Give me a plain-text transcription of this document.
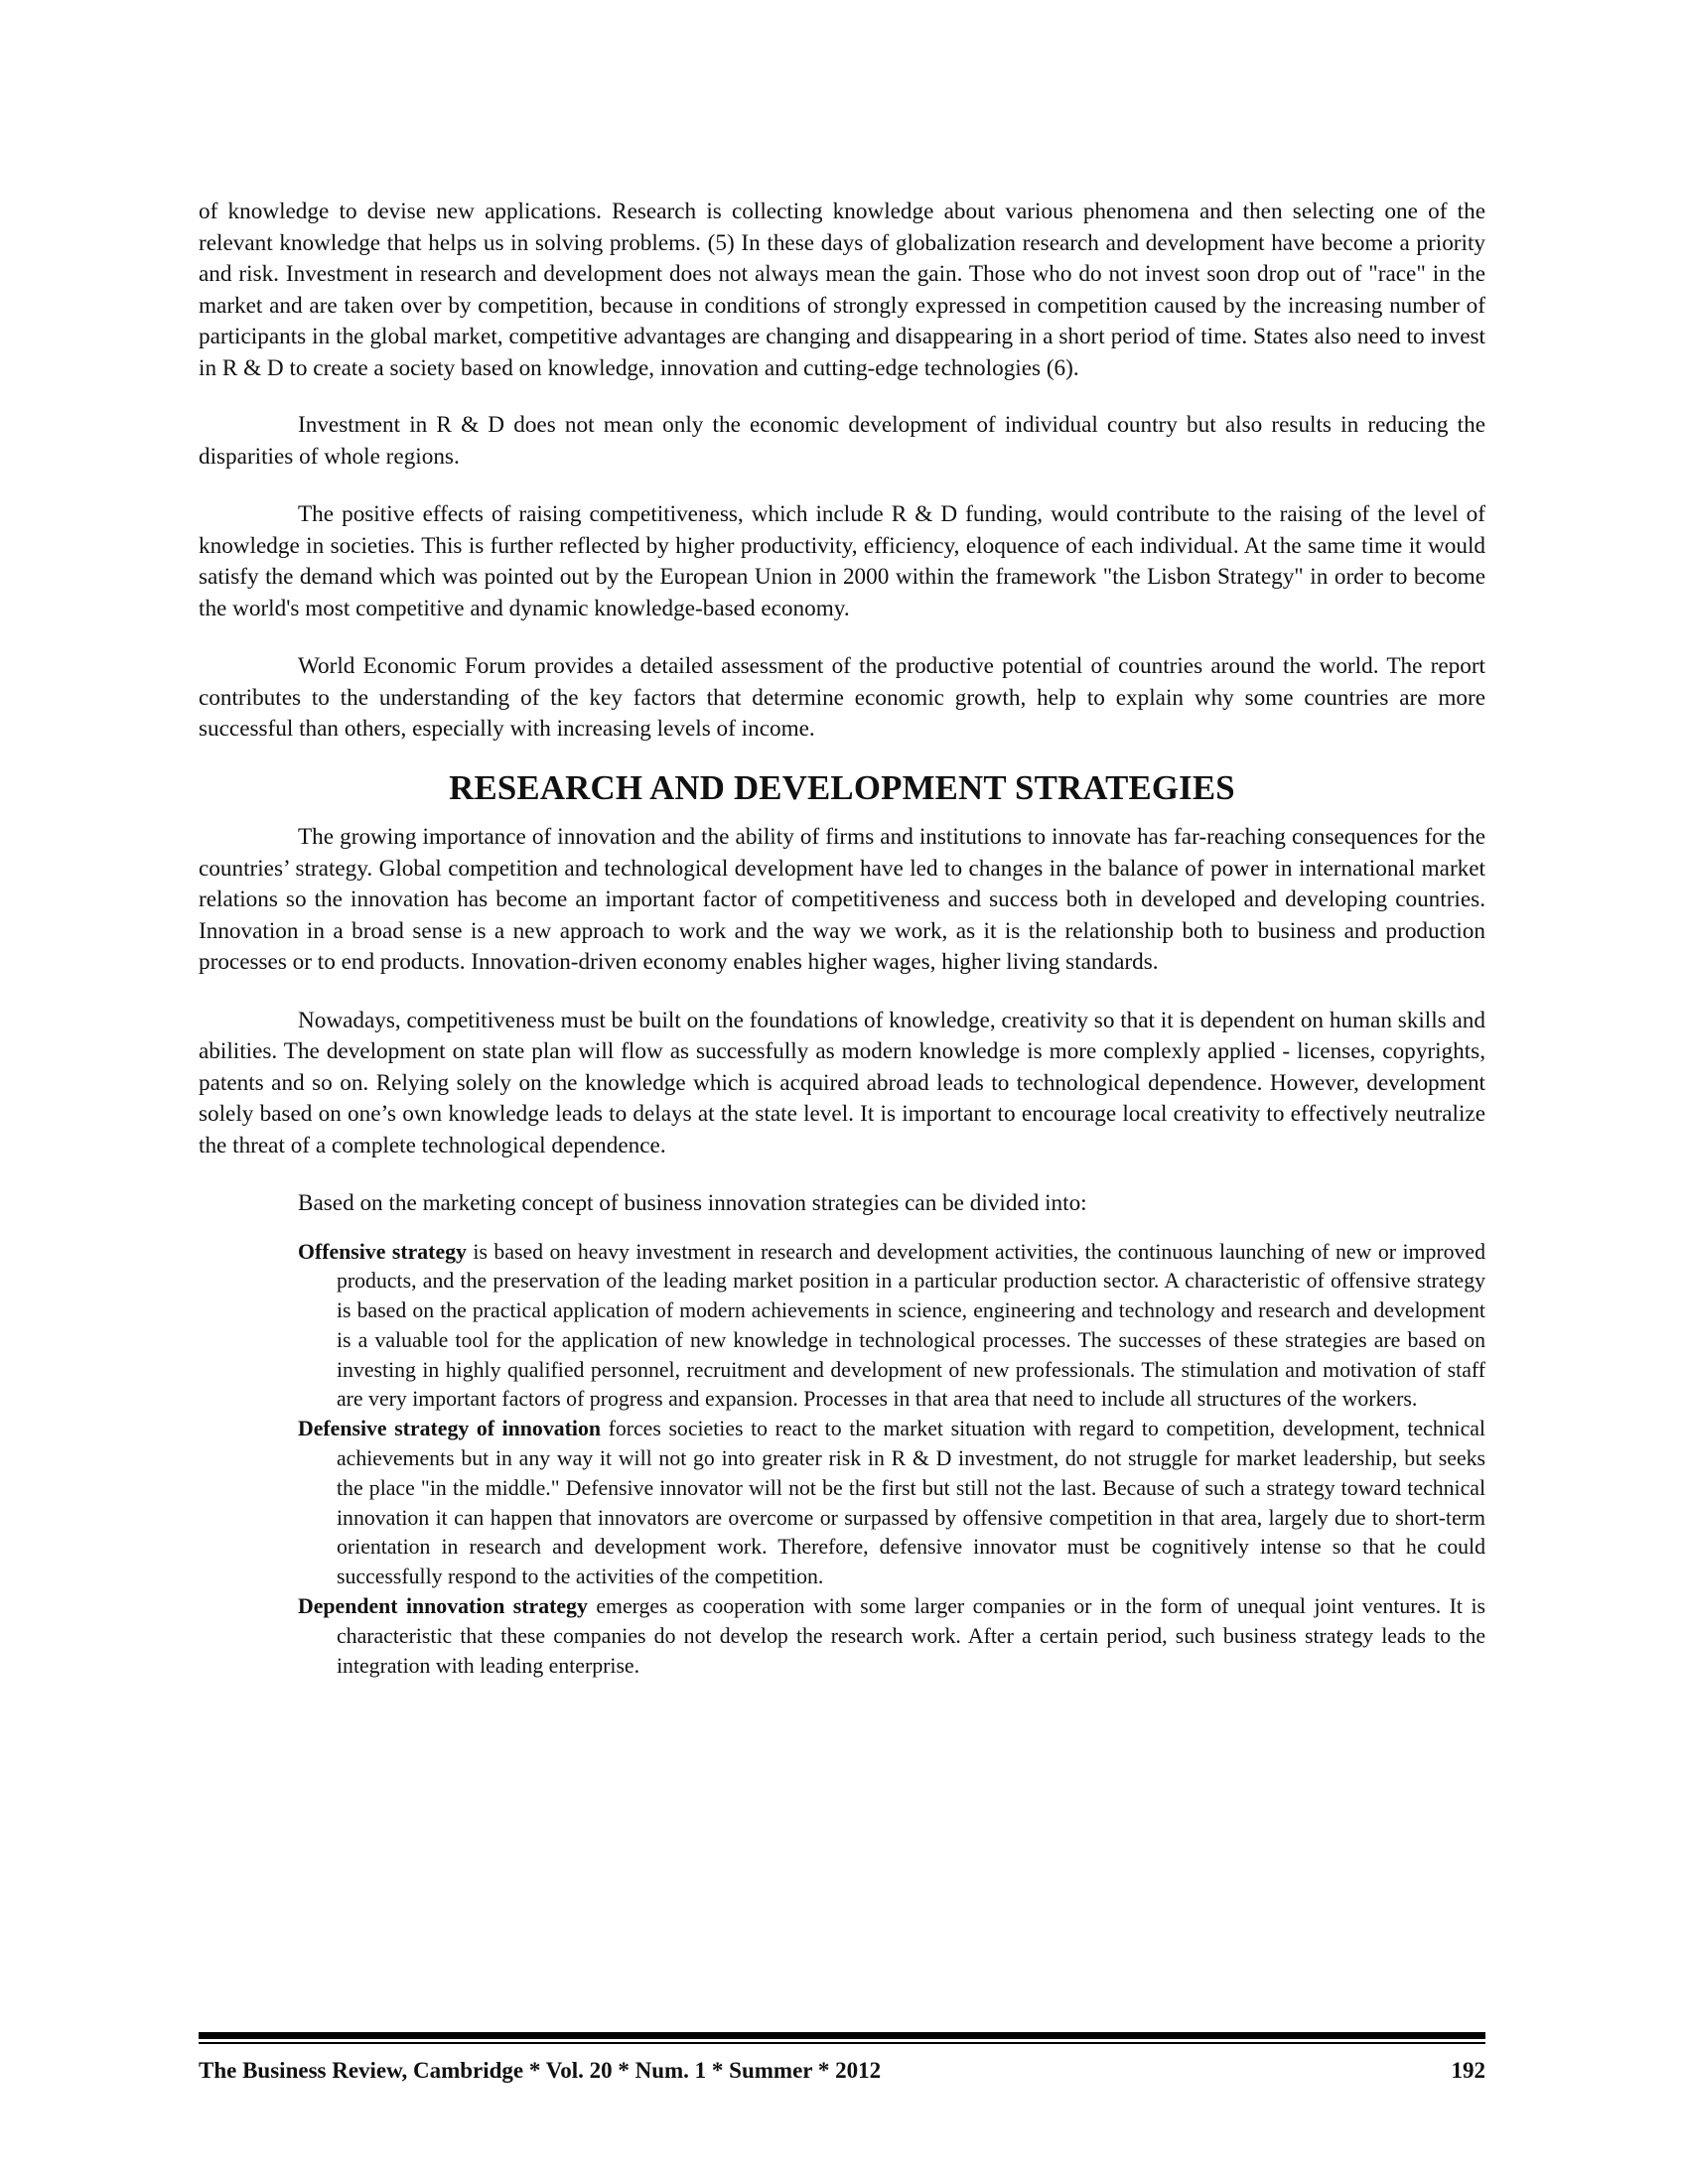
of knowledge to devise new applications. Research is collecting knowledge about various phenomena and then selecting one of the relevant knowledge that helps us in solving problems. (5) In these days of globalization research and development have become a priority and risk. Investment in research and development does not always mean the gain. Those who do not invest soon drop out of "race" in the market and are taken over by competition, because in conditions of strongly expressed in competition caused by the increasing number of participants in the global market, competitive advantages are changing and disappearing in a short period of time. States also need to invest in R & D to create a society based on knowledge, innovation and cutting-edge technologies (6).

Investment in R & D does not mean only the economic development of individual country but also results in reducing the disparities of whole regions.

The positive effects of raising competitiveness, which include R & D funding, would contribute to the raising of the level of knowledge in societies. This is further reflected by higher productivity, efficiency, eloquence of each individual. At the same time it would satisfy the demand which was pointed out by the European Union in 2000 within the framework "the Lisbon Strategy" in order to become the world's most competitive and dynamic knowledge-based economy.

World Economic Forum provides a detailed assessment of the productive potential of countries around the world. The report contributes to the understanding of the key factors that determine economic growth, help to explain why some countries are more successful than others, especially with increasing levels of income.

RESEARCH AND DEVELOPMENT STRATEGIES

The growing importance of innovation and the ability of firms and institutions to innovate has far-reaching consequences for the countries’ strategy. Global competition and technological development have led to changes in the balance of power in international market relations so the innovation has become an important factor of competitiveness and success both in developed and developing countries. Innovation in a broad sense is a new approach to work and the way we work, as it is the relationship both to business and production processes or to end products. Innovation-driven economy enables higher wages, higher living standards.

Nowadays, competitiveness must be built on the foundations of knowledge, creativity so that it is dependent on human skills and abilities. The development on state plan will flow as successfully as modern knowledge is more complexly applied - licenses, copyrights, patents and so on. Relying solely on the knowledge which is acquired abroad leads to technological dependence. However, development solely based on one’s own knowledge leads to delays at the state level. It is important to encourage local creativity to effectively neutralize the threat of a complete technological dependence.

Based on the marketing concept of business innovation strategies can be divided into:

Offensive strategy is based on heavy investment in research and development activities, the continuous launching of new or improved products, and the preservation of the leading market position in a particular production sector. A characteristic of offensive strategy is based on the practical application of modern achievements in science, engineering and technology and research and development is a valuable tool for the application of new knowledge in technological processes. The successes of these strategies are based on investing in highly qualified personnel, recruitment and development of new professionals. The stimulation and motivation of staff are very important factors of progress and expansion. Processes in that area that need to include all structures of the workers.

Defensive strategy of innovation forces societies to react to the market situation with regard to competition, development, technical achievements but in any way it will not go into greater risk in R & D investment, do not struggle for market leadership, but seeks the place "in the middle." Defensive innovator will not be the first but still not the last. Because of such a strategy toward technical innovation it can happen that innovators are overcome or surpassed by offensive competition in that area, largely due to short-term orientation in research and development work. Therefore, defensive innovator must be cognitively intense so that he could successfully respond to the activities of the competition.

Dependent innovation strategy emerges as cooperation with some larger companies or in the form of unequal joint ventures. It is characteristic that these companies do not develop the research work. After a certain period, such business strategy leads to the integration with leading enterprise.

The Business Review, Cambridge * Vol. 20 * Num. 1 * Summer * 2012	192
